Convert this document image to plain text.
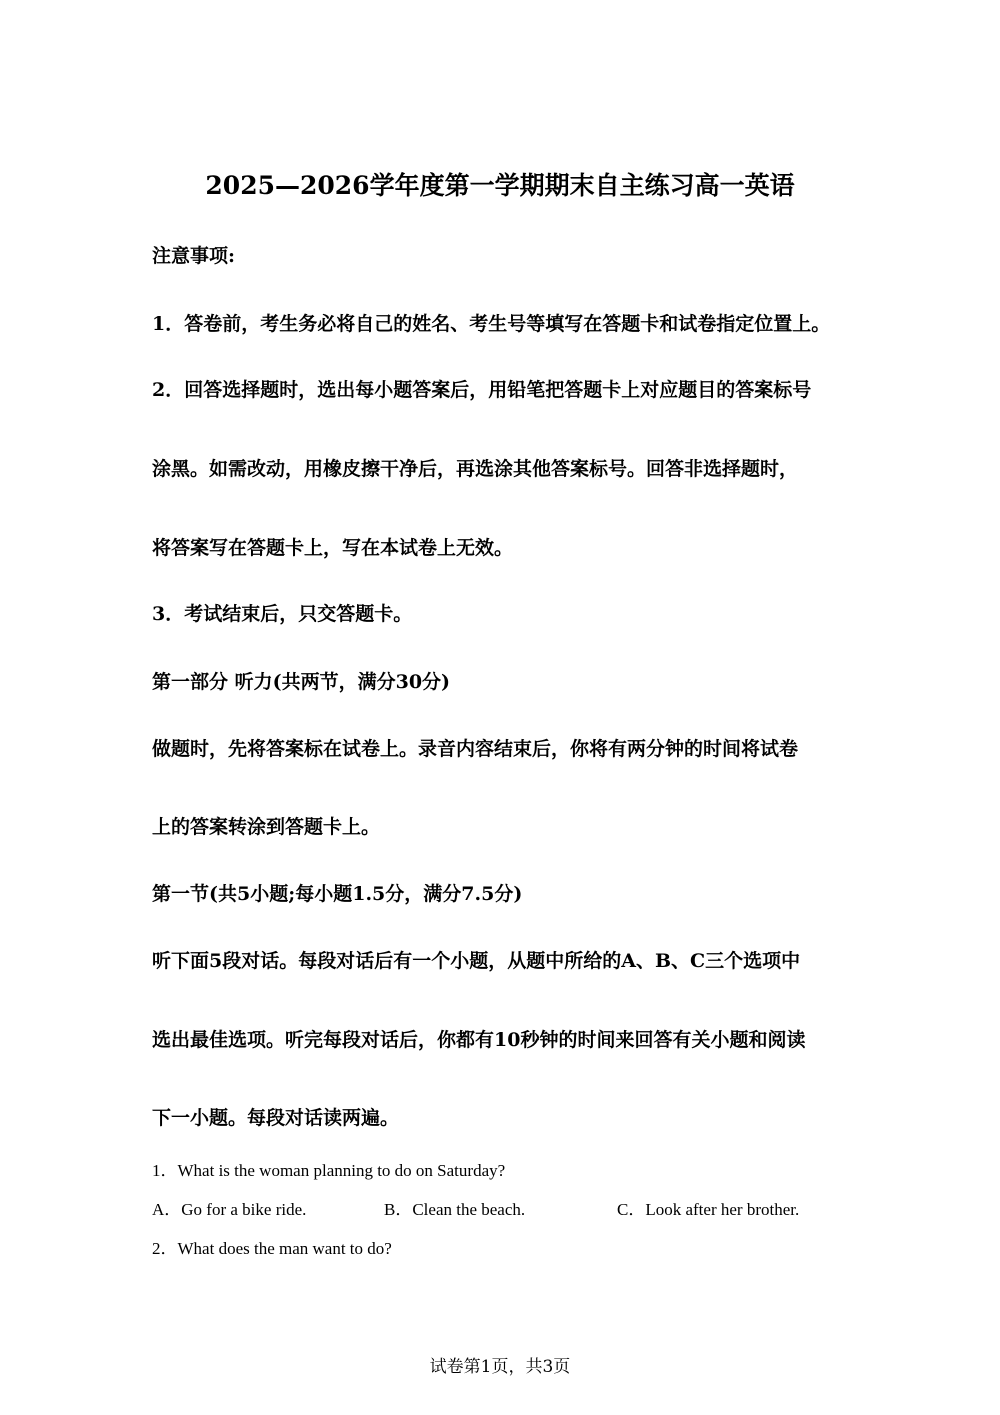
2025—2026学年度第一学期期末自主练习高一英语
注意事项:
1．答卷前，考生务必将自己的姓名、考生号等填写在答题卡和试卷指定位置上。
2．回答选择题时，选出每小题答案后，用铅笔把答题卡上对应题目的答案标号
涂黑。如需改动，用橡皮擦干净后，再选涂其他答案标号。回答非选择题时，
将答案写在答题卡上，写在本试卷上无效。
3．考试结束后，只交答题卡。
第一部分 听力(共两节，满分30分)
做题时，先将答案标在试卷上。录音内容结束后，你将有两分钟的时间将试卷
上的答案转涂到答题卡上。
第一节(共5小题;每小题1.5分，满分7.5分)
听下面5段对话。每段对话后有一个小题，从题中所给的A、B、C三个选项中
选出最佳选项。听完每段对话后，你都有10秒钟的时间来回答有关小题和阅读
下一小题。每段对话读两遍。
1．What is the woman planning to do on Saturday?
A．Go for a bike ride.	B．Clean the beach.	C．Look after her brother.
2．What does the man want to do?
试卷第1页，共3页
